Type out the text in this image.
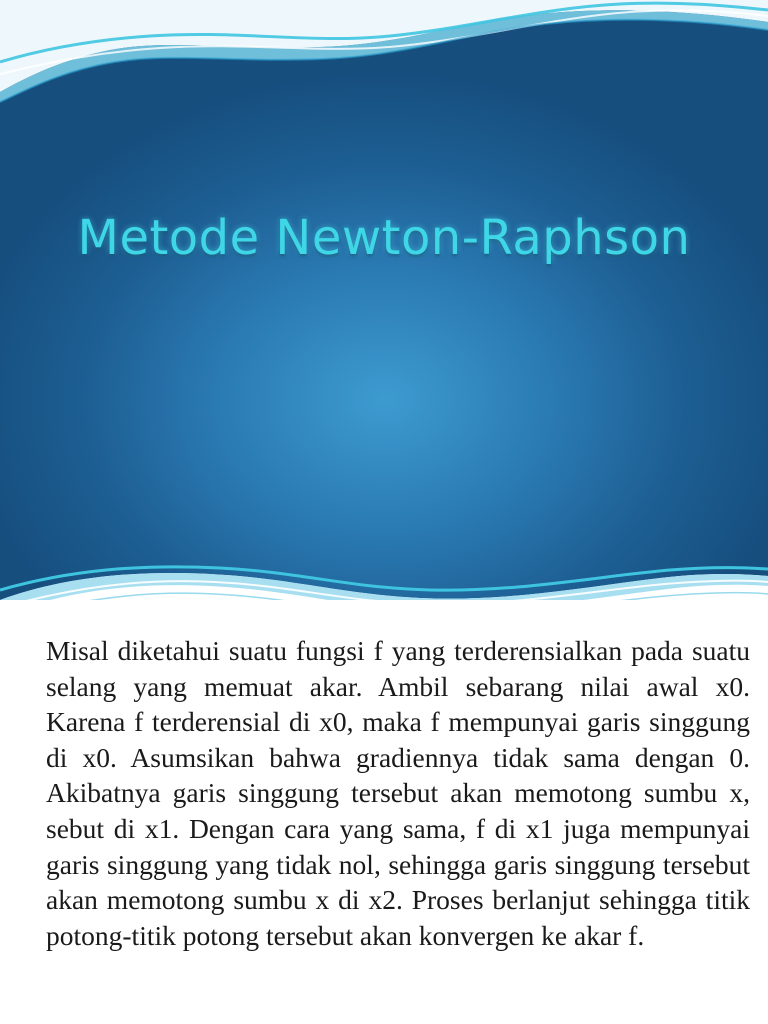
Metode Newton-Raphson

Misal diketahui suatu fungsi f yang terderensialkan pada suatu selang yang memuat akar. Ambil sebarang nilai awal x0. Karena f terderensial di x0, maka f mempunyai garis singgung di x0. Asumsikan bahwa gradiennya tidak sama dengan 0. Akibatnya garis singgung tersebut akan memotong sumbu x, sebut di x1. Dengan cara yang sama, f di x1 juga mempunyai garis singgung yang tidak nol, sehingga garis singgung tersebut akan memotong sumbu x di x2. Proses berlanjut sehingga titik potong-titik potong tersebut akan konvergen ke akar f.
